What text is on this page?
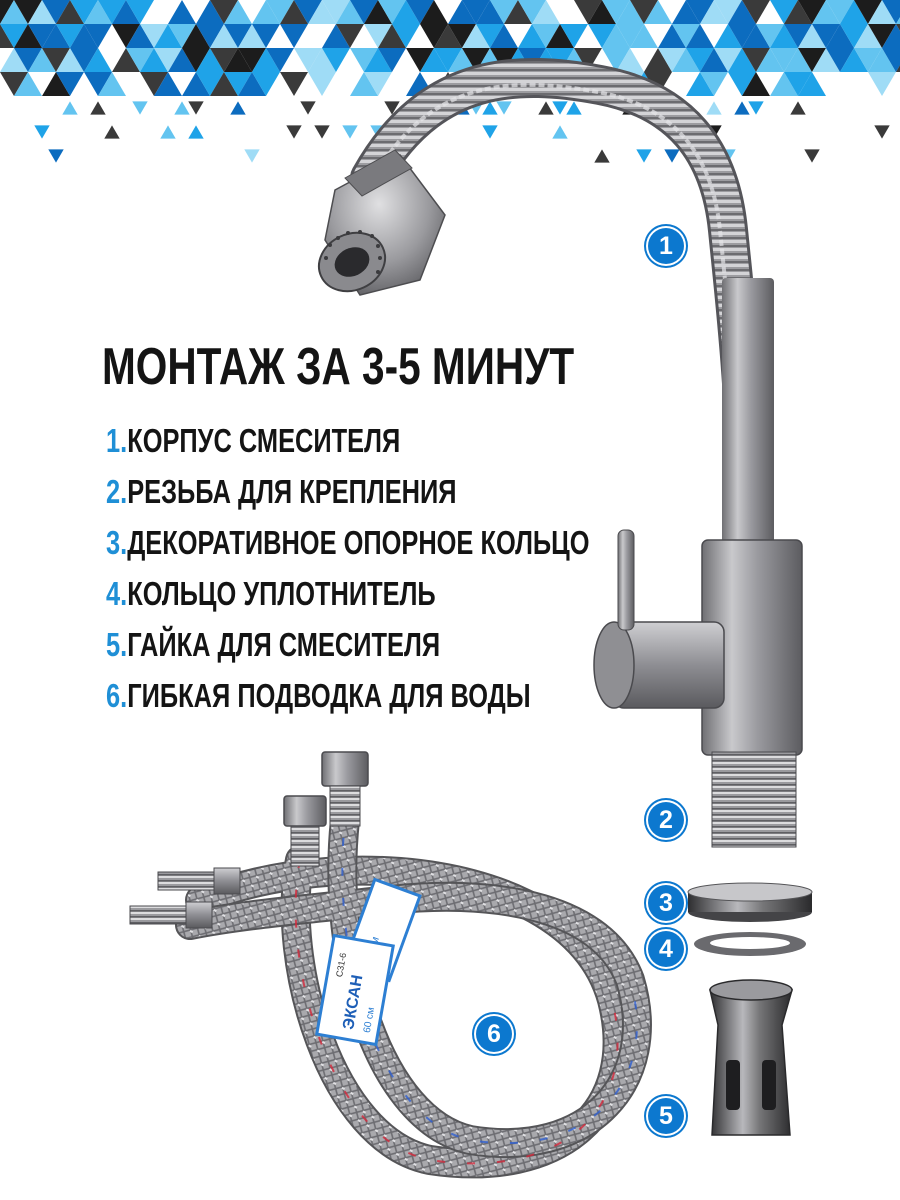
ЭКСАН
60 см
С31-6
МОНТАЖ ЗА 3-5 МИНУТ
1.КОРПУС СМЕСИТЕЛЯ
2.РЕЗЬБА ДЛЯ КРЕПЛЕНИЯ
3.ДЕКОРАТИВНОЕ ОПОРНОЕ КОЛЬЦО
4.КОЛЬЦО УПЛОТНИТЕЛЬ
5.ГАЙКА ДЛЯ СМЕСИТЕЛЯ
6.ГИБКАЯ ПОДВОДКА ДЛЯ ВОДЫ
1
2
3
4
5
6
